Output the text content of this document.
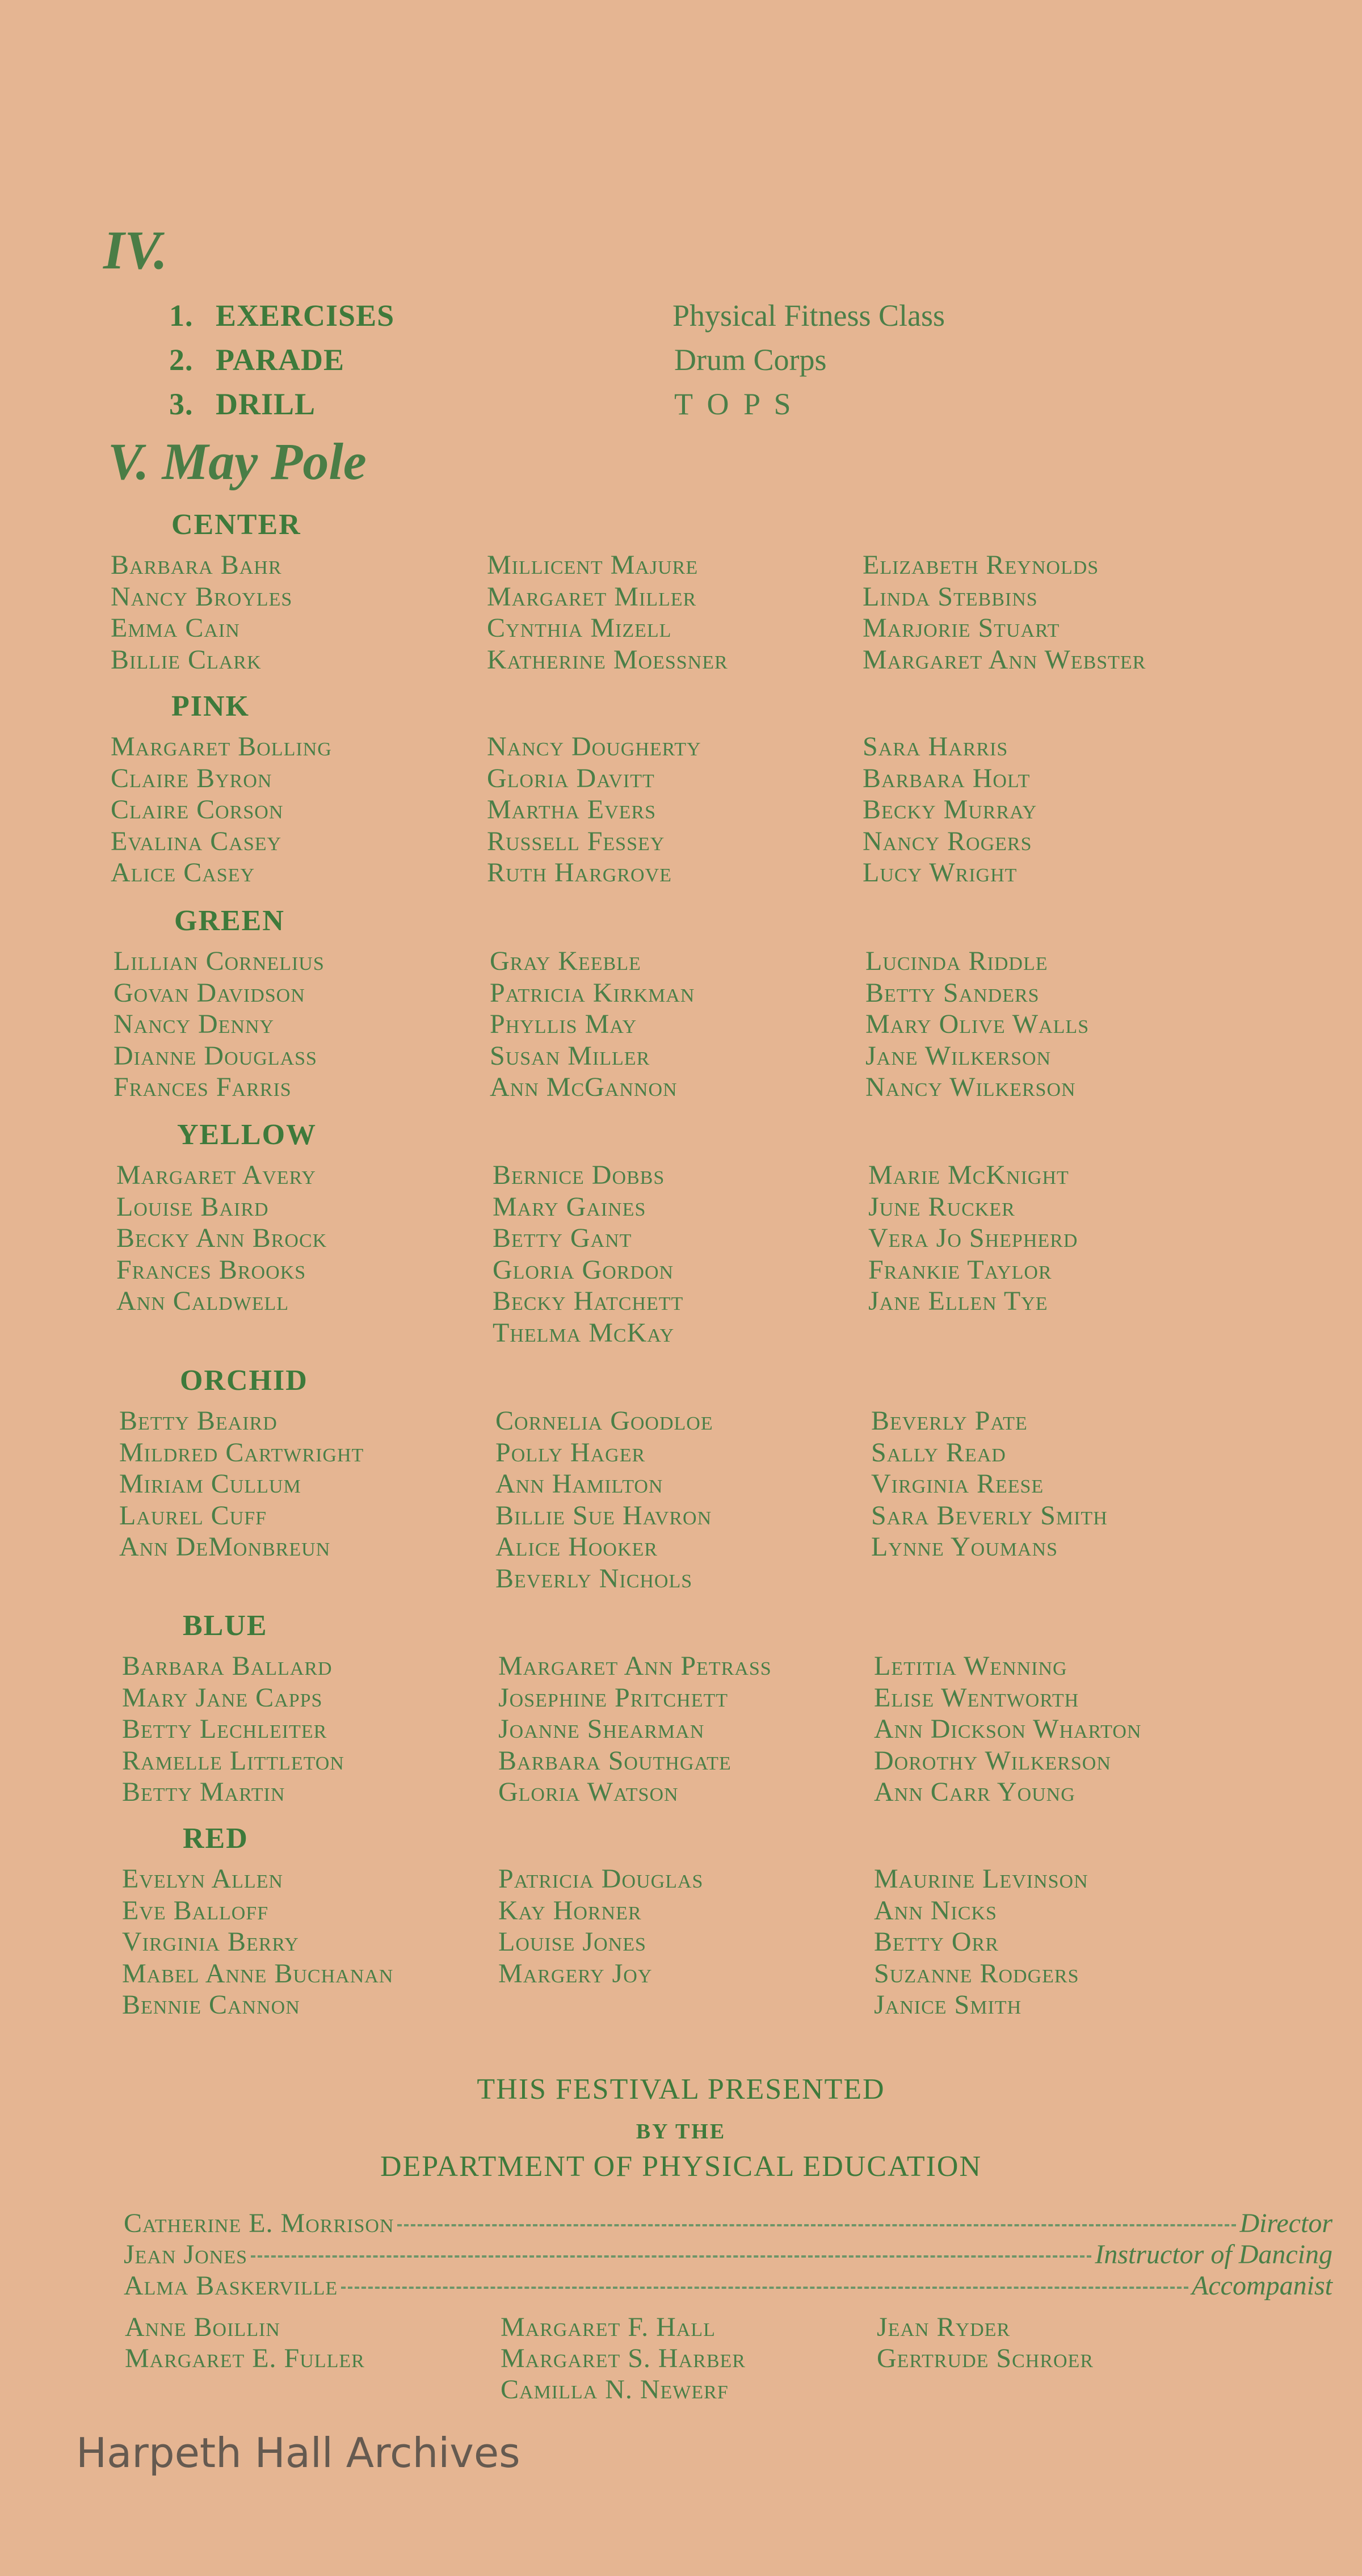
IV.
1. EXERCISES	Physical Fitness Class
2. PARADE	Drum Corps
3. DRILL	T O P S
V. May Pole
CENTER
Barbara Bahr
Nancy Broyles
Emma Cain
Billie Clark
Millicent Majure
Margaret Miller
Cynthia Mizell
Katherine Moessner
Elizabeth Reynolds
Linda Stebbins
Marjorie Stuart
Margaret Ann Webster
PINK
Margaret Bolling
Claire Byron
Claire Corson
Evalina Casey
Alice Casey
Nancy Dougherty
Gloria Davitt
Martha Evers
Russell Fessey
Ruth Hargrove
Sara Harris
Barbara Holt
Becky Murray
Nancy Rogers
Lucy Wright
GREEN
Lillian Cornelius
Govan Davidson
Nancy Denny
Dianne Douglass
Frances Farris
Gray Keeble
Patricia Kirkman
Phyllis May
Susan Miller
Ann McGannon
Lucinda Riddle
Betty Sanders
Mary Olive Walls
Jane Wilkerson
Nancy Wilkerson
YELLOW
Margaret Avery
Louise Baird
Becky Ann Brock
Frances Brooks
Ann Caldwell
Bernice Dobbs
Mary Gaines
Betty Gant
Gloria Gordon
Becky Hatchett
Thelma McKay
Marie McKnight
June Rucker
Vera Jo Shepherd
Frankie Taylor
Jane Ellen Tye
ORCHID
Betty Beaird
Mildred Cartwright
Miriam Cullum
Laurel Cuff
Ann DeMonbreun
Cornelia Goodloe
Polly Hager
Ann Hamilton
Billie Sue Havron
Alice Hooker
Beverly Nichols
Beverly Pate
Sally Read
Virginia Reese
Sara Beverly Smith
Lynne Youmans
BLUE
Barbara Ballard
Mary Jane Capps
Betty Lechleiter
Ramelle Littleton
Betty Martin
Margaret Ann Petrass
Josephine Pritchett
Joanne Shearman
Barbara Southgate
Gloria Watson
Letitia Wenning
Elise Wentworth
Ann Dickson Wharton
Dorothy Wilkerson
Ann Carr Young
RED
Evelyn Allen
Eve Balloff
Virginia Berry
Mabel Anne Buchanan
Bennie Cannon
Patricia Douglas
Kay Horner
Louise Jones
Margery Joy
Maurine Levinson
Ann Nicks
Betty Orr
Suzanne Rodgers
Janice Smith
THIS FESTIVAL PRESENTED
BY THE
DEPARTMENT OF PHYSICAL EDUCATION
Catherine E. Morrison	Director
Jean Jones	Instructor of Dancing
Alma Baskerville	Accompanist
Anne Boillin
Margaret E. Fuller
Margaret F. Hall
Margaret S. Harber
Camilla N. Newerf
Jean Ryder
Gertrude Schroer
Harpeth Hall Archives
